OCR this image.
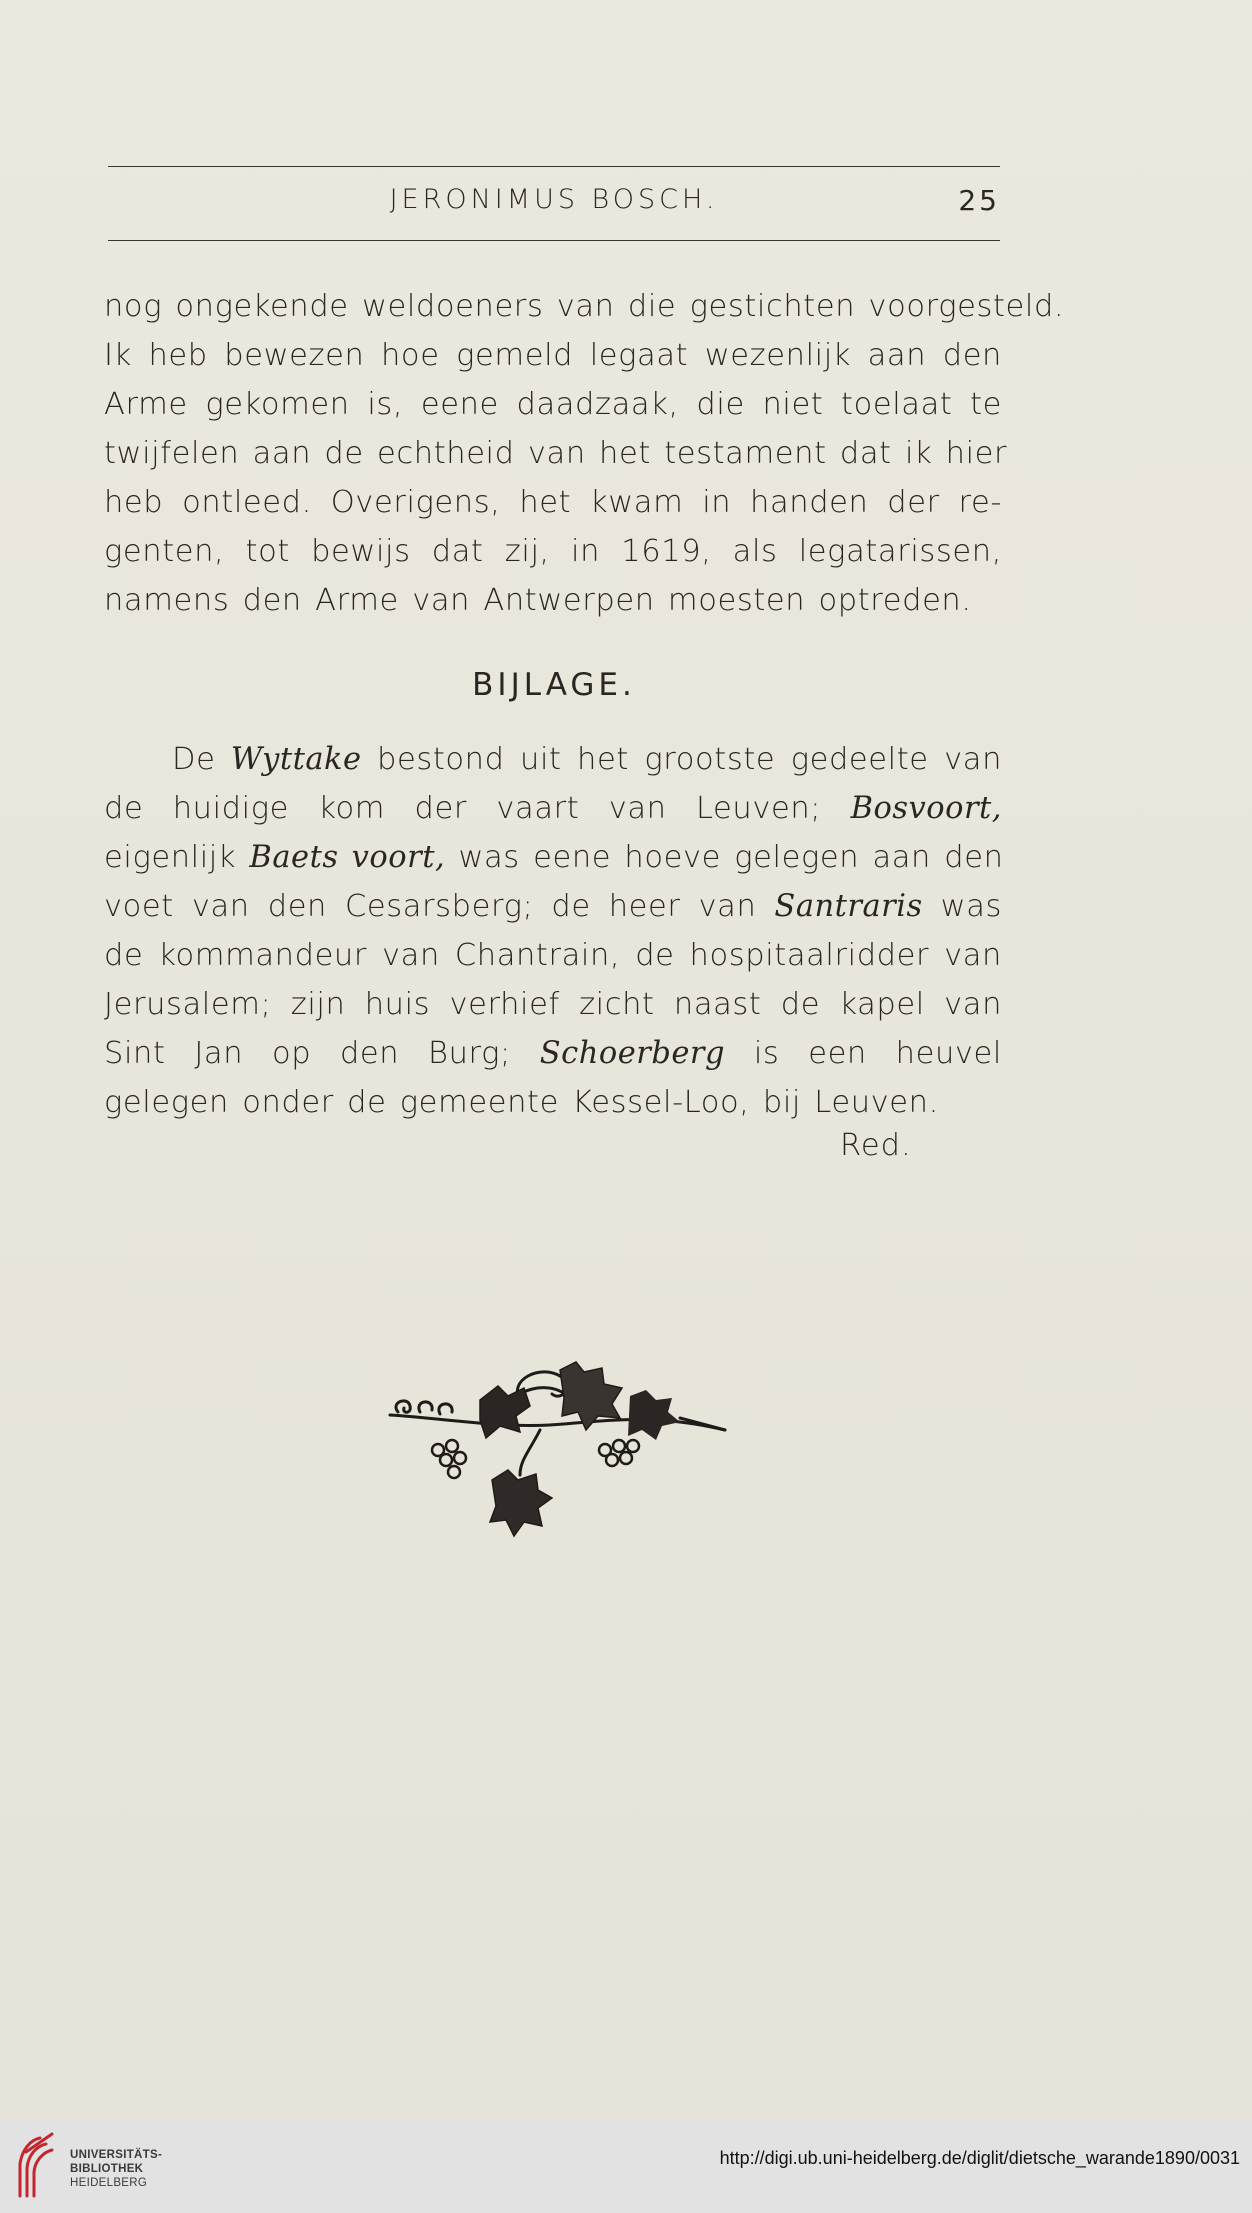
JERONIMUS BOSCH.	25
nog ongekende weldoeners van die gestichten voorgesteld.
Ik heb bewezen hoe gemeld legaat wezenlijk aan den
Arme gekomen is, eene daadzaak, die niet toelaat te
twijfelen aan de echtheid van het testament dat ik hier
heb ontleed. Overigens, het kwam in handen der re-
genten, tot bewijs dat zij, in 1619, als legatarissen,
namens den Arme van Antwerpen moesten optreden.
BIJLAGE.
De Wyttake bestond uit het grootste gedeelte van
de huidige kom der vaart van Leuven; Bosvoort,
eigenlijk Baets voort, was eene hoeve gelegen aan den
voet van den Cesarsberg; de heer van Santraris was
de kommandeur van Chantrain, de hospitaalridder van
Jerusalem; zijn huis verhief zicht naast de kapel van
Sint Jan op den Burg; Schoerberg is een heuvel
gelegen onder de gemeente Kessel-Loo, bij Leuven.
Red.
UNIVERSITÄTS-
BIBLIOTHEK
HEIDELBERG
http://digi.ub.uni-heidelberg.de/diglit/dietsche_warande1890/0031
